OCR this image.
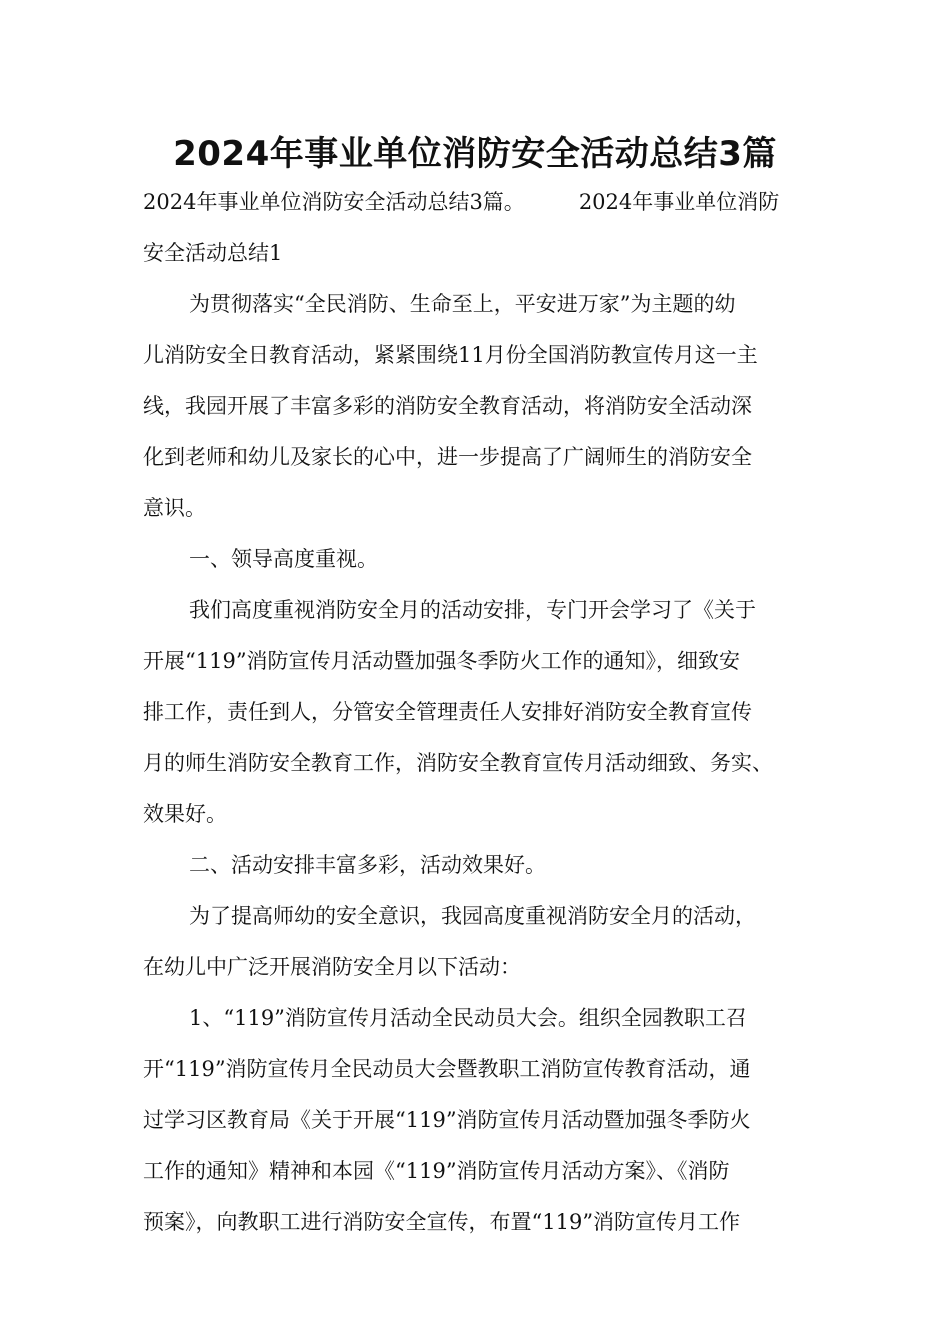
2024年事业单位消防安全活动总结3篇
2024年事业单位消防安全活动总结3篇。	2024年事业单位消防
安全活动总结1
为贯彻落实“全民消防、生命至上，平安进万家”为主题的幼
儿消防安全日教育活动，紧紧围绕11月份全国消防教宣传月这一主
线，我园开展了丰富多彩的消防安全教育活动，将消防安全活动深
化到老师和幼儿及家长的心中，进一步提高了广阔师生的消防安全
意识。
一、领导高度重视。
我们高度重视消防安全月的活动安排，专门开会学习了《关于
开展“119”消防宣传月活动暨加强冬季防火工作的通知》，细致安
排工作，责任到人，分管安全管理责任人安排好消防安全教育宣传
月的师生消防安全教育工作，消防安全教育宣传月活动细致、务实、
效果好。
二、活动安排丰富多彩，活动效果好。
为了提高师幼的安全意识，我园高度重视消防安全月的活动，
在幼儿中广泛开展消防安全月以下活动：
1、“119”消防宣传月活动全民动员大会。组织全园教职工召
开“119”消防宣传月全民动员大会暨教职工消防宣传教育活动，通
过学习区教育局《关于开展“119”消防宣传月活动暨加强冬季防火
工作的通知》精神和本园《“119”消防宣传月活动方案》、《消防
预案》，向教职工进行消防安全宣传，布置“119”消防宣传月工作
